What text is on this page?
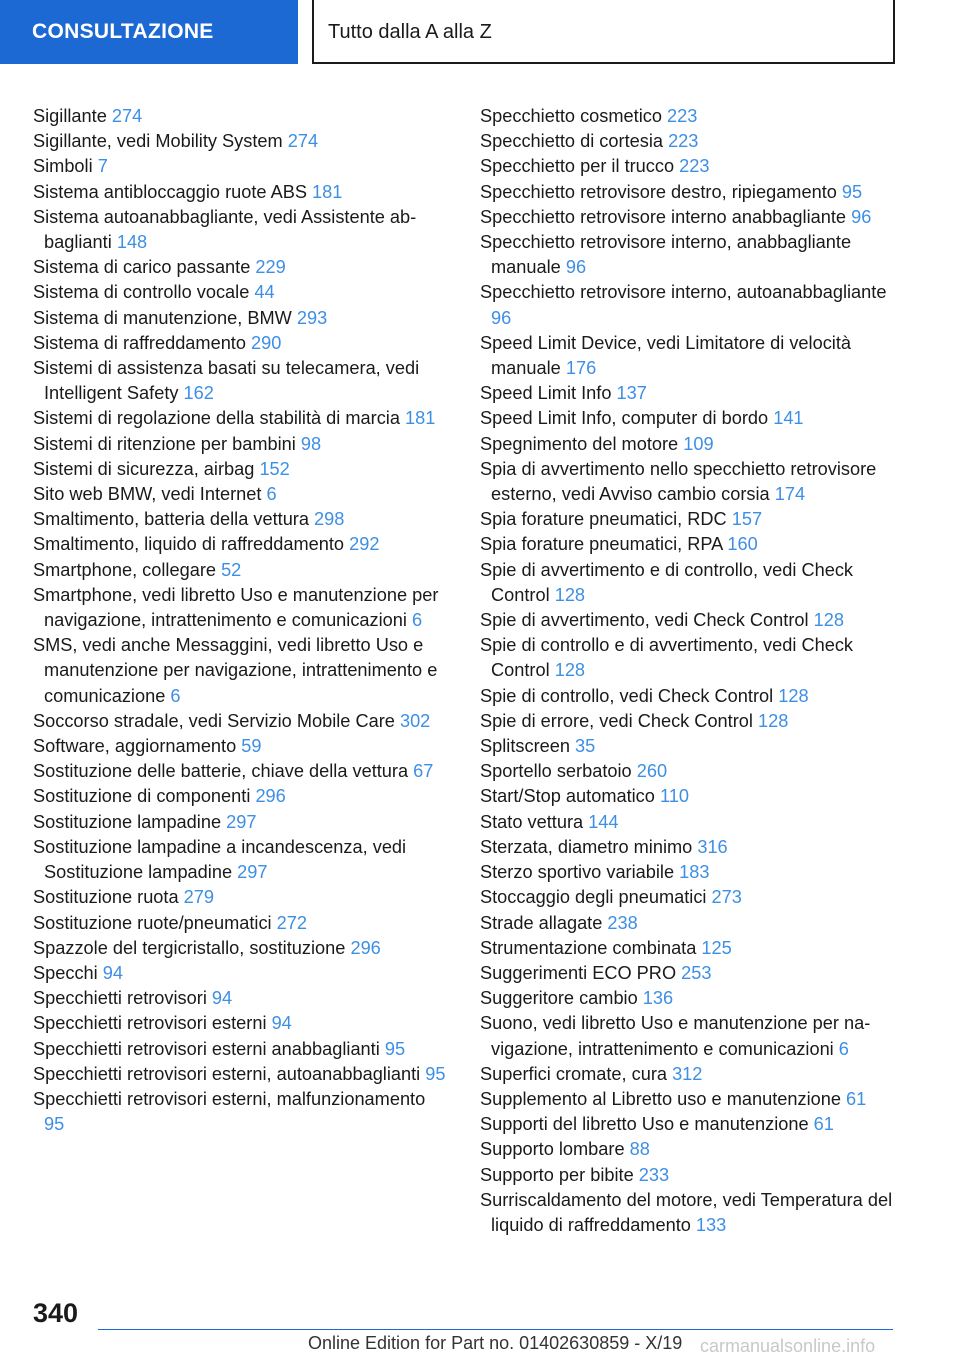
CONSULTAZIONE	Tutto dalla A alla Z
Sigillante 274
Sigillante, vedi Mobility System 274
Simboli 7
Sistema antibloccaggio ruote ABS 181
Sistema autoanabbagliante, vedi Assistente abbaglianti 148
Sistema di carico passante 229
Sistema di controllo vocale 44
Sistema di manutenzione, BMW 293
Sistema di raffreddamento 290
Sistemi di assistenza basati su telecamera, vedi Intelligent Safety 162
Sistemi di regolazione della stabilità di marcia 181
Sistemi di ritenzione per bambini 98
Sistemi di sicurezza, airbag 152
Sito web BMW, vedi Internet 6
Smaltimento, batteria della vettura 298
Smaltimento, liquido di raffreddamento 292
Smartphone, collegare 52
Smartphone, vedi libretto Uso e manutenzione per navigazione, intrattenimento e comunicazioni 6
SMS, vedi anche Messaggini, vedi libretto Uso e manutenzione per navigazione, intrattenimento e comunicazione 6
Soccorso stradale, vedi Servizio Mobile Care 302
Software, aggiornamento 59
Sostituzione delle batterie, chiave della vettura 67
Sostituzione di componenti 296
Sostituzione lampadine 297
Sostituzione lampadine a incandescenza, vedi Sostituzione lampadine 297
Sostituzione ruota 279
Sostituzione ruote/pneumatici 272
Spazzole del tergicristallo, sostituzione 296
Specchi 94
Specchietti retrovisori 94
Specchietti retrovisori esterni 94
Specchietti retrovisori esterni anabbaglianti 95
Specchietti retrovisori esterni, autoanabbaglianti 95
Specchietti retrovisori esterni, malfunzionamento 95
Specchietto cosmetico 223
Specchietto di cortesia 223
Specchietto per il trucco 223
Specchietto retrovisore destro, ripiegamento 95
Specchietto retrovisore interno anabbagliante 96
Specchietto retrovisore interno, anabbagliante manuale 96
Specchietto retrovisore interno, autoanabbagliante 96
Speed Limit Device, vedi Limitatore di velocità manuale 176
Speed Limit Info 137
Speed Limit Info, computer di bordo 141
Spegnimento del motore 109
Spia di avvertimento nello specchietto retrovisore esterno, vedi Avviso cambio corsia 174
Spia forature pneumatici, RDC 157
Spia forature pneumatici, RPA 160
Spie di avvertimento e di controllo, vedi Check Control 128
Spie di avvertimento, vedi Check Control 128
Spie di controllo e di avvertimento, vedi Check Control 128
Spie di controllo, vedi Check Control 128
Spie di errore, vedi Check Control 128
Splitscreen 35
Sportello serbatoio 260
Start/Stop automatico 110
Stato vettura 144
Sterzata, diametro minimo 316
Sterzo sportivo variabile 183
Stoccaggio degli pneumatici 273
Strade allagate 238
Strumentazione combinata 125
Suggerimenti ECO PRO 253
Suggeritore cambio 136
Suono, vedi libretto Uso e manutenzione per navigazione, intrattenimento e comunicazioni 6
Superfici cromate, cura 312
Supplemento al Libretto uso e manutenzione 61
Supporti del libretto Uso e manutenzione 61
Supporto lombare 88
Supporto per bibite 233
Surriscaldamento del motore, vedi Temperatura del liquido di raffreddamento 133
340
Online Edition for Part no. 01402630859 - X/19 carmanualsonline.info
